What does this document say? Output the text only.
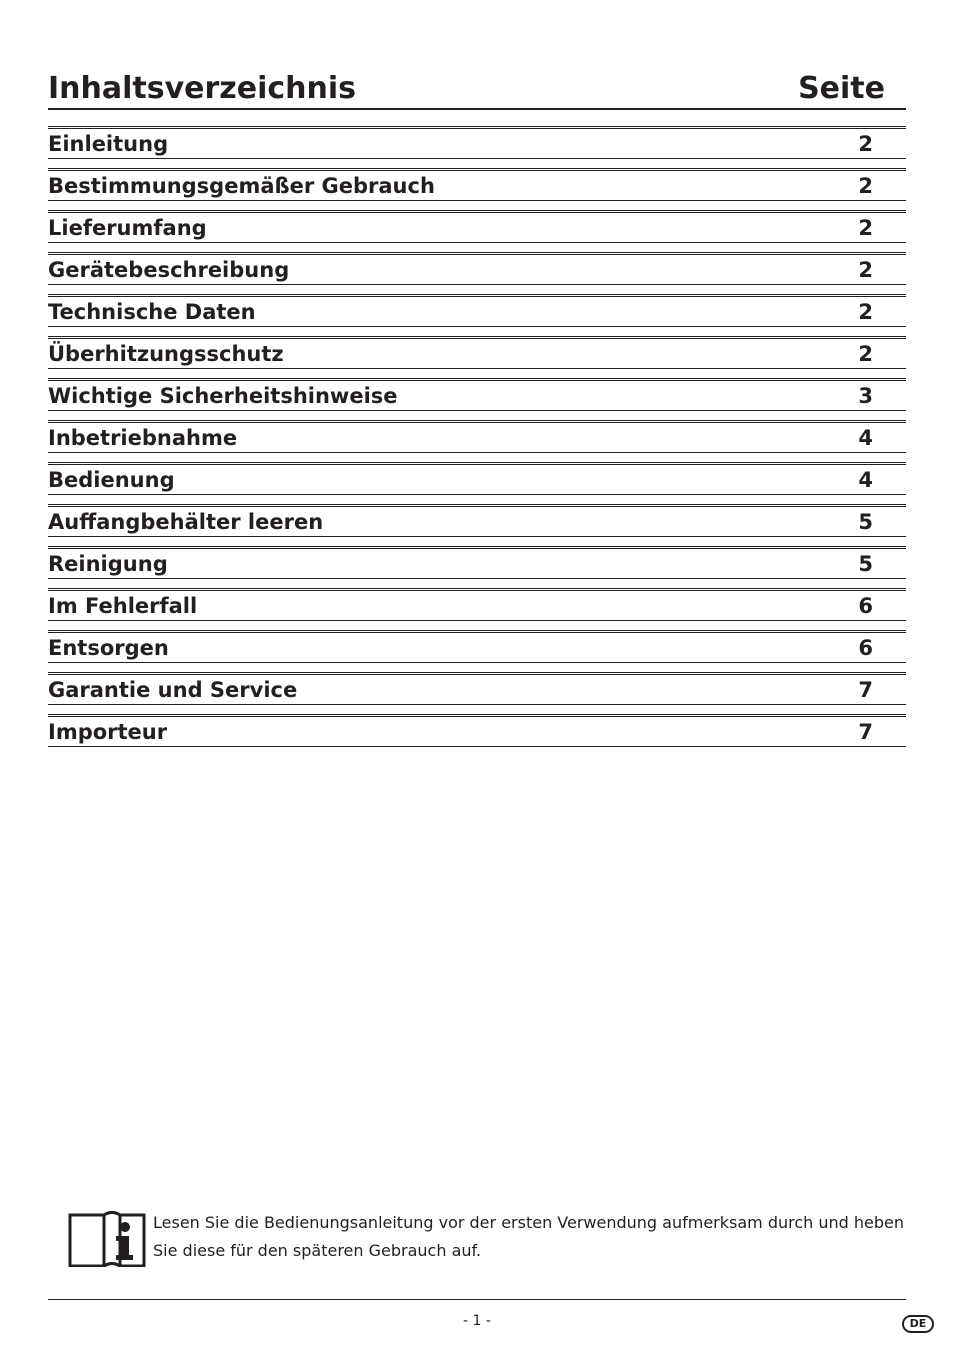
Inhaltsverzeichnis	Seite
Einleitung	2
Bestimmungsgemäßer Gebrauch	2
Lieferumfang	2
Gerätebeschreibung	2
Technische Daten	2
Überhitzungsschutz	2
Wichtige Sicherheitshinweise	3
Inbetriebnahme	4
Bedienung	4
Auffangbehälter leeren	5
Reinigung	5
Im Fehlerfall	6
Entsorgen	6
Garantie und Service	7
Importeur	7
Lesen Sie die Bedienungsanleitung vor der ersten Verwendung aufmerksam durch und heben Sie diese für den späteren Gebrauch auf.
- 1 -	DE
